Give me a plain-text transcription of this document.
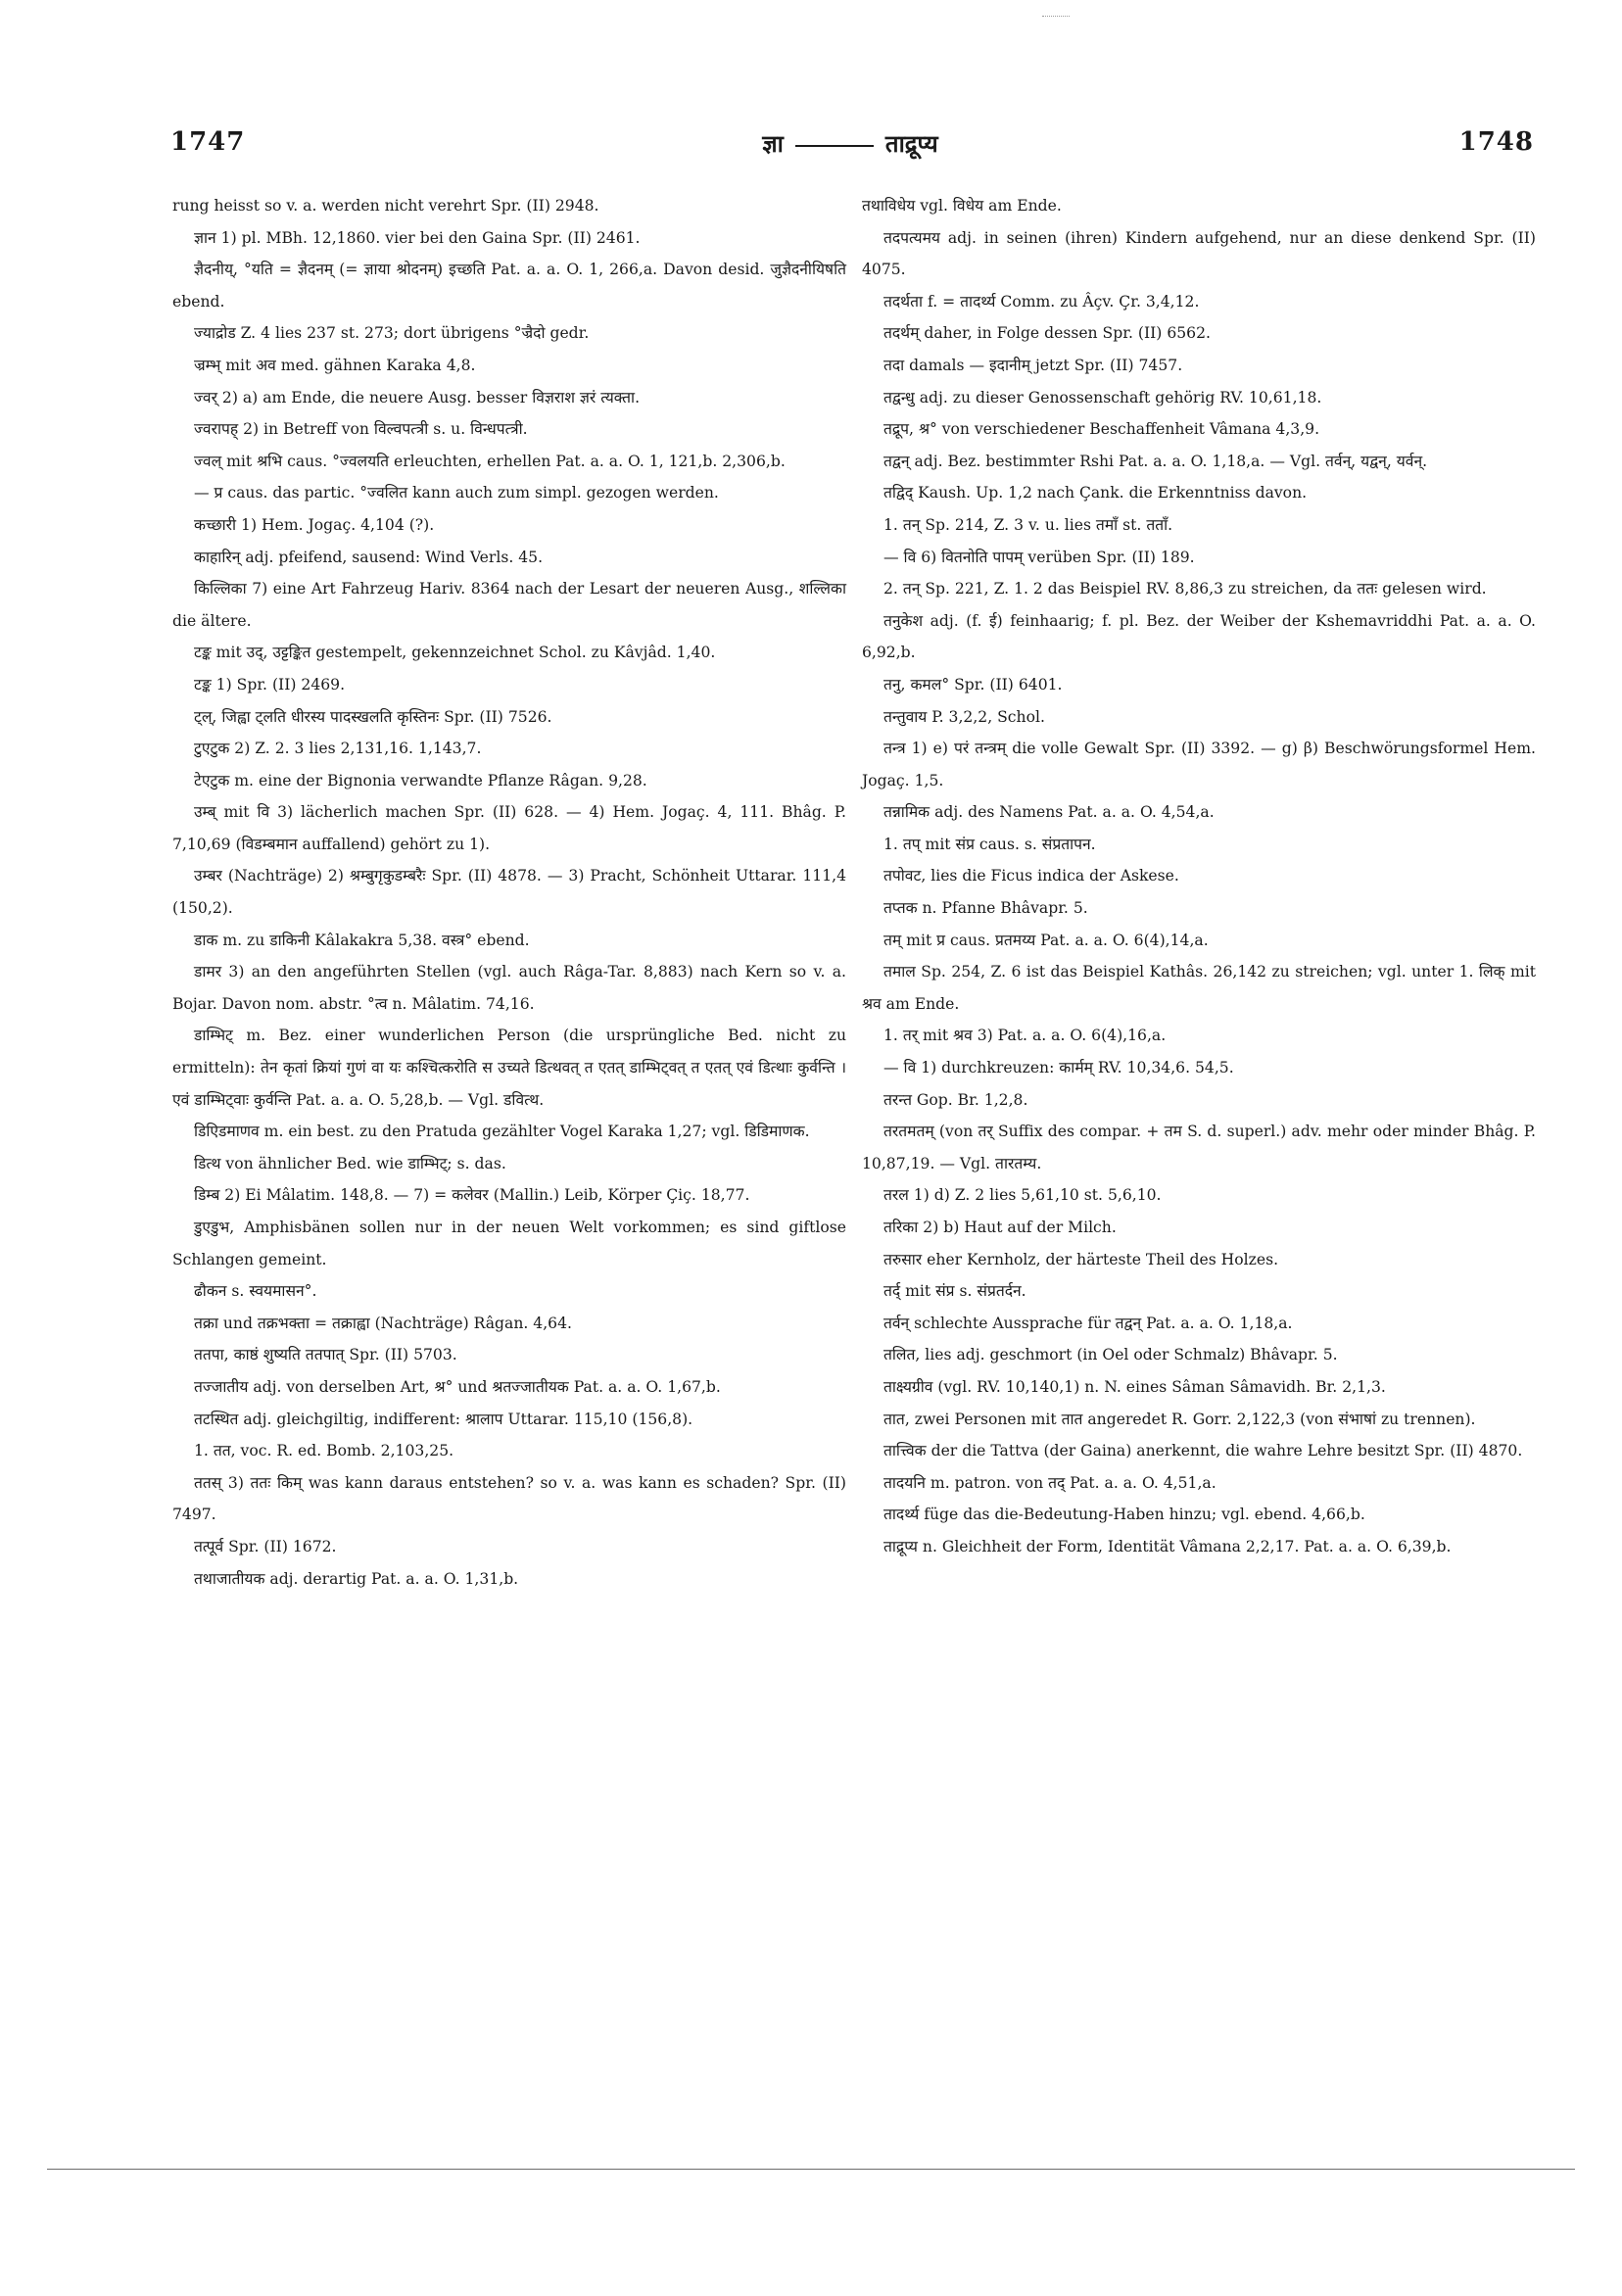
1747	ज्ञा	ताद्रूप्य	1748

rung heisst so v. a. werden nicht verehrt Spr. (II) 2948.

ज्ञान 1) pl. MBh. 12,1860. vier bei den Gaina Spr. (II) 2461.

ज्ञैदनीय्, °यति = ज्ञैदनम् (= ज्ञाया श्रोदनम्) इच्छति Pat. a. a. O. 1, 266,a. Davon desid. जुज्ञैदनीयिषति ebend.

ज्याद्रोड Z. 4 lies 237 st. 273; dort übrigens °ज्रैदो gedr.

ज्रम्भ् mit अव med. gähnen Karaka 4,8.

ज्वर् 2) a) am Ende, die neuere Ausg. besser विज्ञराश ज्ञरं त्यक्ता.

ज्वरापह् 2) in Betreff von विल्वपत्त्री s. u. विन्धपत्त्री.

ज्वल् mit श्रभि caus. °ज्वलयति erleuchten, erhellen Pat. a. a. O. 1, 121,b. 2,306,b.

— प्र caus. das partic. °ज्वलित kann auch zum simpl. gezogen werden.

कच्छारी 1) Hem. Jogaç. 4,104 (?).

काहारिन् adj. pfeifend, sausend: Wind Verls. 45.

किल्लिका 7) eine Art Fahrzeug Hariv. 8364 nach der Lesart der neueren Ausg., शल्लिका die ältere.

टङ्क mit उद्, उट्टङ्कित gestempelt, gekennzeichnet Schol. zu Kâvjâd. 1,40.

टङ्क 1) Spr. (II) 2469.

ट्ल्, जिह्वा ट्लति धीरस्य पादस्खलति कृस्तिनः Spr. (II) 7526.

टुएटुक 2) Z. 2. 3 lies 2,131,16. 1,143,7.

टेएटुक m. eine der Bignonia verwandte Pflanze Râgan. 9,28.

उम्ब् mit वि 3) lächerlich machen Spr. (II) 628. — 4) Hem. Jogaç. 4, 111. Bhâg. P. 7,10,69 (विडम्बमान auffallend) gehört zu 1).

उम्बर (Nachträge) 2) श्रम्बुगृकुडम्बरैः Spr. (II) 4878. — 3) Pracht, Schönheit Uttarar. 111,4 (150,2).

डाक m. zu डाकिनी Kâlakakra 5,38. वस्त्र° ebend.

डामर 3) an den angeführten Stellen (vgl. auch Râga-Tar. 8,883) nach Kern so v. a. Bojar. Davon nom. abstr. °त्व n. Mâlatim. 74,16.

डाम्भिट् m. Bez. einer wunderlichen Person (die ursprüngliche Bed. nicht zu ermitteln): तेन कृतां क्रियां गुणं वा यः कश्चित्करोति स उच्यते डित्थवत् त एतत् डाम्भिट्वत् त एतत् एवं डित्थाः कुर्वन्ति । एवं डाम्भिट्वाः कुर्वन्ति Pat. a. a. O. 5,28,b. — Vgl. डवित्थ.

डिएिडमाणव m. ein best. zu den Pratuda gezählter Vogel Karaka 1,27; vgl. डिडिमाणक.

डित्थ von ähnlicher Bed. wie डाम्भिट्; s. das.

डिम्ब 2) Ei Mâlatim. 148,8. — 7) = कलेवर (Mallin.) Leib, Körper Çiç. 18,77.

डुएडुभ, Amphisbänen sollen nur in der neuen Welt vorkommen; es sind giftlose Schlangen gemeint.

ढौकन s. स्वयमासन°.

तक्रा und तक्रभक्ता = तक्राह्वा (Nachträge) Râgan. 4,64.

ततपा, काष्ठं शुष्यति ततपात् Spr. (II) 5703.

तज्जातीय adj. von derselben Art, श्र° und श्रतज्जातीयक Pat. a. a. O. 1,67,b.

तटस्थित adj. gleichgiltig, indifferent: श्रालाप Uttarar. 115,10 (156,8).

1. तत, voc. R. ed. Bomb. 2,103,25.

ततस् 3) ततः किम् was kann daraus entstehen? so v. a. was kann es schaden? Spr. (II) 7497.

तत्पूर्व Spr. (II) 1672.

तथाजातीयक adj. derartig Pat. a. a. O. 1,31,b.

तथाविधेय vgl. विधेय am Ende.

तदपत्यमय adj. in seinen (ihren) Kindern aufgehend, nur an diese denkend Spr. (II) 4075.

तदर्थता f. = तादर्थ्य Comm. zu Âçv. Çr. 3,4,12.

तदर्थम् daher, in Folge dessen Spr. (II) 6562.

तदा damals — इदानीम् jetzt Spr. (II) 7457.

तद्वन्धु adj. zu dieser Genossenschaft gehörig RV. 10,61,18.

तद्रूप, श्र° von verschiedener Beschaffenheit Vâmana 4,3,9.

तद्वन् adj. Bez. bestimmter Rshi Pat. a. a. O. 1,18,a. — Vgl. तर्वन्, यद्वन्, यर्वन्.

तद्विद् Kaush. Up. 1,2 nach Çank. die Erkenntniss davon.

1. तन् Sp. 214, Z. 3 v. u. lies तमाँ st. तताँ.

— वि 6) वितनोति पापम् verüben Spr. (II) 189.

2. तन् Sp. 221, Z. 1. 2 das Beispiel RV. 8,86,3 zu streichen, da ततः gelesen wird.

तनुकेश adj. (f. ई) feinhaarig; f. pl. Bez. der Weiber der Kshemavriddhi Pat. a. a. O. 6,92,b.

तनु, कमल° Spr. (II) 6401.

तन्तुवाय P. 3,2,2, Schol.

तन्त्र 1) e) परं तन्त्रम् die volle Gewalt Spr. (II) 3392. — g) β) Beschwörungsformel Hem. Jogaç. 1,5.

तन्नामिक adj. des Namens Pat. a. a. O. 4,54,a.

1. तप् mit संप्र caus. s. संप्रतापन.

तपोवट, lies die Ficus indica der Askese.

तप्तक n. Pfanne Bhâvapr. 5.

तम् mit प्र caus. प्रतमय्य Pat. a. a. O. 6(4),14,a.

तमाल Sp. 254, Z. 6 ist das Beispiel Kathâs. 26,142 zu streichen; vgl. unter 1. लिक् mit श्रव am Ende.

1. तर् mit श्रव 3) Pat. a. a. O. 6(4),16,a.

— वि 1) durchkreuzen: कार्मम् RV. 10,34,6. 54,5.

तरन्त Gop. Br. 1,2,8.

तरतमतम् (von तर् Suffix des compar. + तम S. d. superl.) adv. mehr oder minder Bhâg. P. 10,87,19. — Vgl. तारतम्य.

तरल 1) d) Z. 2 lies 5,61,10 st. 5,6,10.

तरिका 2) b) Haut auf der Milch.

तरुसार eher Kernholz, der härteste Theil des Holzes.

तर्द् mit संप्र s. संप्रतर्दन.

तर्वन् schlechte Aussprache für तद्वन् Pat. a. a. O. 1,18,a.

तलित, lies adj. geschmort (in Oel oder Schmalz) Bhâvapr. 5.

ताक्ष्यग्रीव (vgl. RV. 10,140,1) n. N. eines Sâman Sâmavidh. Br. 2,1,3.

तात, zwei Personen mit तात angeredet R. Gorr. 2,122,3 (von संभाषां zu trennen).

तात्त्विक der die Tattva (der Gaina) anerkennt, die wahre Lehre besitzt Spr. (II) 4870.

तादयनि m. patron. von तद् Pat. a. a. O. 4,51,a.

तादर्थ्य füge das die-Bedeutung-Haben hinzu; vgl. ebend. 4,66,b.

ताद्रूप्य n. Gleichheit der Form, Identität Vâmana 2,2,17. Pat. a. a. O. 6,39,b.
